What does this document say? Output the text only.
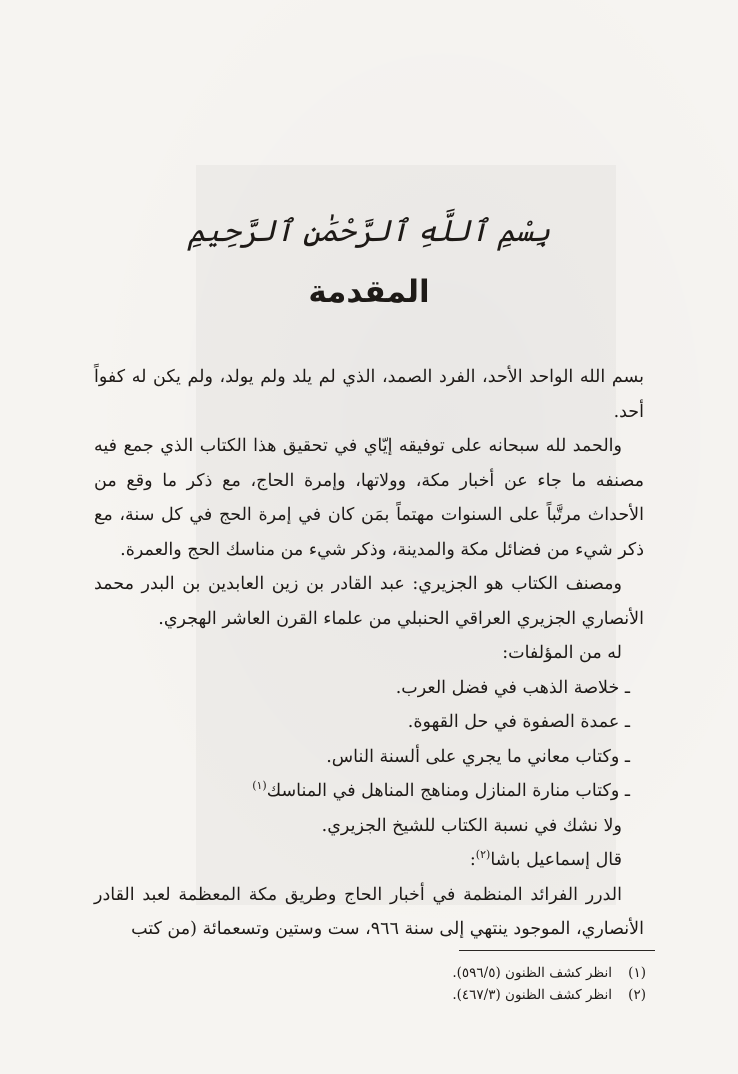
بِسْمِ ٱللَّهِ ٱلرَّحْمَٰنِ ٱلرَّحِيمِ
المقدمة

بسم الله الواحد الأحد، الفرد الصمد، الذي لم يلد ولم يولد، ولم يكن له كفواً أحد.

والحمد لله سبحانه على توفيقه إيّاي في تحقيق هذا الكتاب الذي جمع فيه مصنفه ما جاء عن أخبار مكة، وولاتها، وإمرة الحاج، مع ذكر ما وقع من الأحداث مرتَّباً على السنوات مهتماً بمَن كان في إمرة الحج في كل سنة، مع ذكر شيء من فضائل مكة والمدينة، وذكر شيء من مناسك الحج والعمرة.

ومصنف الكتاب هو الجزيري: عبد القادر بن زين العابدين بن البدر محمد الأنصاري الجزيري العراقي الحنبلي من علماء القرن العاشر الهجري.

له من المؤلفات:

ـ خلاصة الذهب في فضل العرب.

ـ عمدة الصفوة في حل القهوة.

ـ وكتاب معاني ما يجري على ألسنة الناس.

ـ وكتاب منارة المنازل ومناهج المناهل في المناسك$^{(١)}$

ولا نشك في نسبة الكتاب للشيخ الجزيري.

قال إسماعيل باشا$^{(٢)}$:

الدرر الفرائد المنظمة في أخبار الحاج وطريق مكة المعظمة لعبد القادر الأنصاري، الموجود ينتهي إلى سنة ٩٦٦، ست وستين وتسعمائة (من كتب

(١)
انظر كشف الظنون (٥٩٦/٥).
(٢)
انظر كشف الظنون (٤٦٧/٣).
